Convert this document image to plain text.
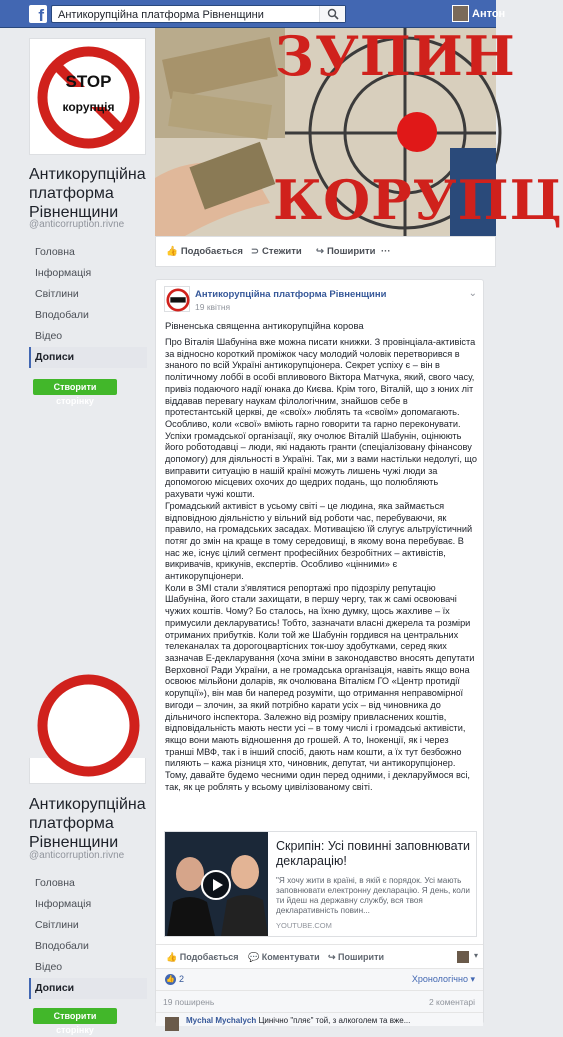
f Антикорупційна платформа Рівненщини	Антон
STOP
корупція
Антикорупційна платформа Рівненщини
@anticorruption.rivne
Головна
Інформація
Світлини
Вподобали
Відео
Дописи
Створити сторінку
Антикорупційна платформа Рівненщини
@anticorruption.rivne
Головна
Інформація
Світлини
Вподобали
Відео
Дописи
Створити сторінку
ЗУПИН
КОРУПЦ
👍 Подобається ⊃ Стежити ↪ Поширити ···
Антикорупційна платформа Рівненщини
19 квітня
⌄
Рівненська священна антикорупційна корова

Про Віталія Шабуніна вже можна писати книжки. З провінціала-активіста за відносно короткий проміжок часу молодий чоловік перетворився в знаного по всій Україні антикорупціонера. Секрет успіху є – він в політичному лоббі в особі впливового Віктора Матчука, який, свого часу, привіз подаючого надії юнака до Києва. Крім того, Віталій, що з юних літ віддавав перевагу наукам філологічним, знайшов себе в протестантській церкві, де «своїх» люблять та «своїм» допомагають. Особливо, коли «свої» вміють гарно говорити та гарно переконувати. Успіхи громадської організації, яку очолює Віталій Шабунін, оцінюють його роботодавці – люди, які надають гранти (спеціалізовану фінансову допомогу) для діяльності в Україні. Так, ми з вами настільки недолугі, що виправити ситуацію в нашій країні можуть лишень чужі люди за допомогою місцевих охочих до щедрих подань, що полюбляють рахувати чужі кошти.

Громадський активіст в усьому світі – це людина, яка займається відповідною діяльністю у вільний від роботи час, перебуваючи, як правило, на громадських засадах. Мотивацією їй слугує альтруїстичний потяг до змін на краще в тому середовищі, в якому вона перебуває. В нас же, існує цілий сегмент професійних безробітних – активістів, викривачів, крикунів, експертів. Особливо «цінними» є антикорупціонери.

Коли в ЗМІ стали з'являтися репортажі про підозрілу репутацію Шабуніна, його стали захищати, в першу чергу, так ж самі освоювачі чужих коштів. Чому? Бо сталось, на їхню думку, щось жахливе – їх примусили декларуватись! Тобто, зазначати власні джерела та розміри отриманих прибутків. Коли той же Шабунін гордився на центральних телеканалах та дорогоцвартісних ток-шоу здобутками, серед яких зазначав Е-декларування (хоча зміни в законодавство вносять депутати Верховної Ради України, а не громадська організація, навіть якщо вона освоює мільйони доларів, як очолювана Віталієм ГО «Центр протидії корупції»), він мав би наперед розуміти, що отримання неправомірної вигоди – злочин, за який потрібно карати усіх – від чиновника до дільничого інспектора. Залежно від розміру привласнених коштів, відповідальність мають нести усі – в тому числі і громадські активісти, якщо вони мають відношення до грошей. А то, Інокенції, як і через транші МВФ, так і в інший спосіб, дають нам кошти, а їх тут безбожно пиляють – кажа різниця хто, чиновник, депутат, чи антикорупціонер. Тому, давайте будемо чесними один перед одними, і декларуймося всі, так, як це роблять у всьому цивілізованому світі.

Скрипін: Усі повинні заповнювати декларацію!
"Я хочу жити в країні, в якій є порядок. Усі мають заповнювати електронну декларацію. Я день, коли ти йдеш на державну службу, вся твоя декларативність повин...
YOUTUBE.COM
👍 Подобається 💬 Коментувати ↪ Поширити	▾
👍 2	Хронологічно ▾
19 поширень	2 коментарі
Mychal Mychalych Цинічно "пляє" той, з алкоголем та вже...
